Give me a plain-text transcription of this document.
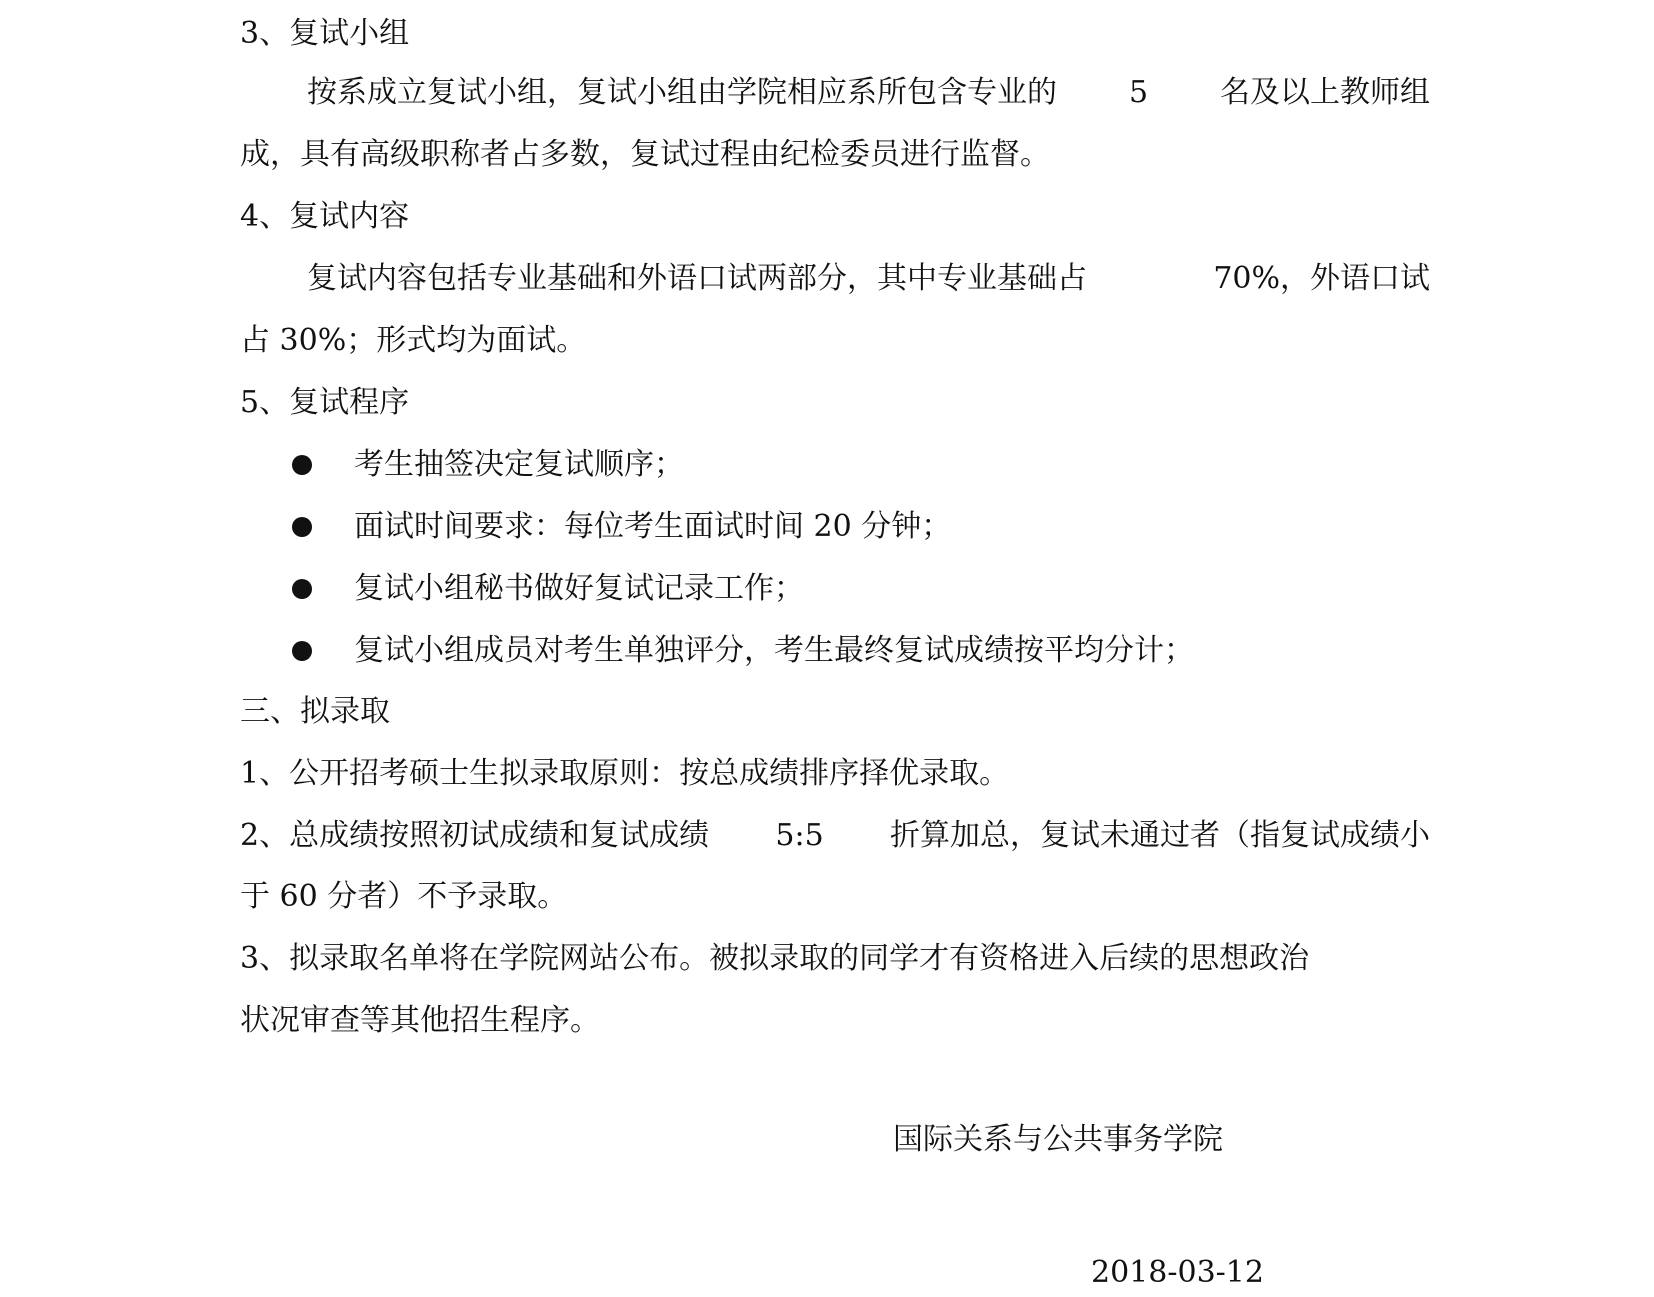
3、复试小组
按系成立复试小组，复试小组由学院相应系所包含专业的 5 名及以上教师组
成，具有高级职称者占多数，复试过程由纪检委员进行监督。
4、复试内容
复试内容包括专业基础和外语口试两部分，其中专业基础占	70%，外语口试
占 30%；形式均为面试。
5、复试程序
考生抽签决定复试顺序；
面试时间要求：每位考生面试时间 20 分钟；
复试小组秘书做好复试记录工作；
复试小组成员对考生单独评分，考生最终复试成绩按平均分计；
三、拟录取
1、公开招考硕士生拟录取原则：按总成绩排序择优录取。
2、总成绩按照初试成绩和复试成绩 5:5 折算加总，复试未通过者（指复试成绩小
于 60 分者）不予录取。
3、拟录取名单将在学院网站公布。被拟录取的同学才有资格进入后续的思想政治
状况审查等其他招生程序。
国际关系与公共事务学院
2018-03-12
